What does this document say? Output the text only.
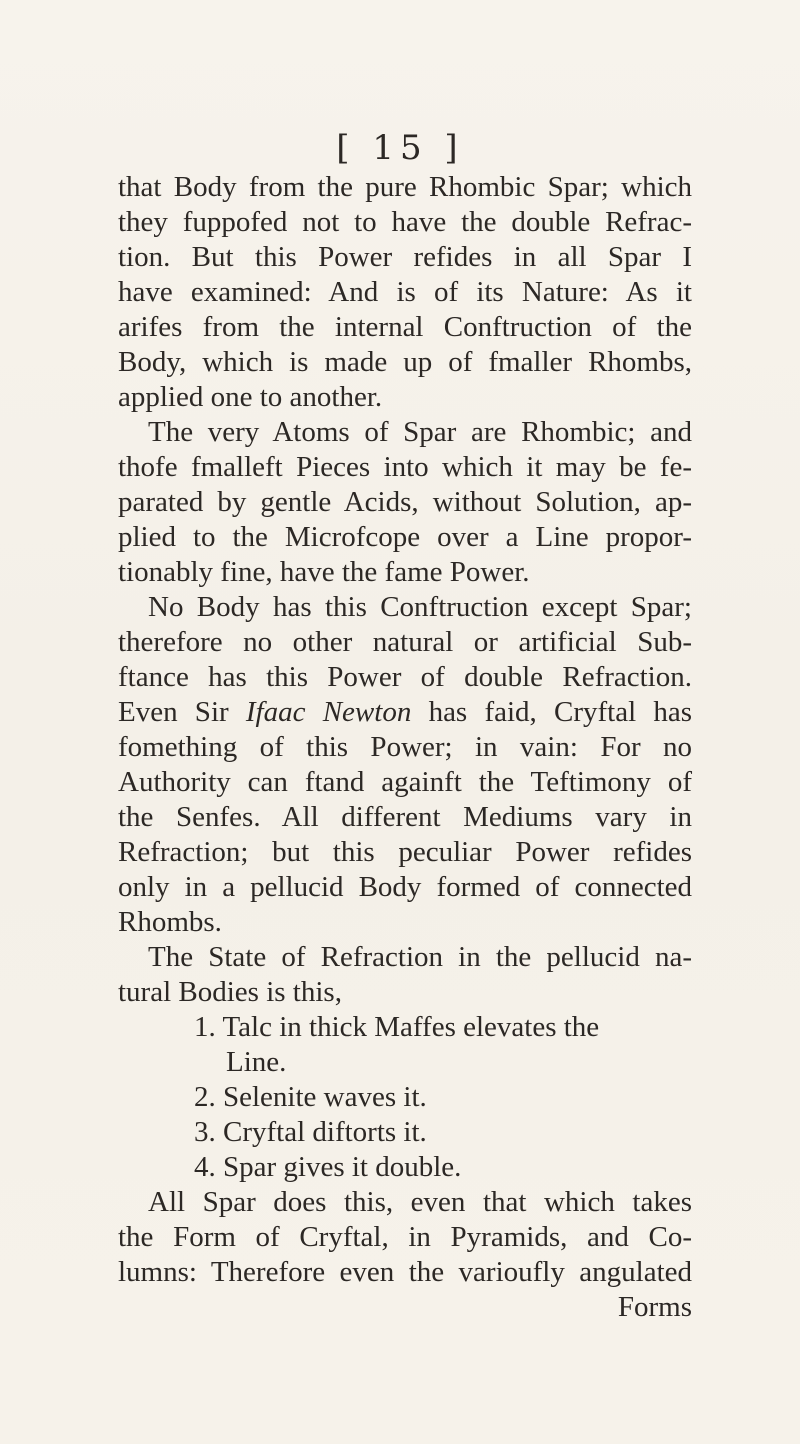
[ 15 ]
that Body from the pure Rhombic Spar; which
they fuppofed not to have the double Refrac-
tion. But this Power refides in all Spar I
have examined: And is of its Nature: As it
arifes from the internal Conftruction of the
Body, which is made up of fmaller Rhombs,
applied one to another.
The very Atoms of Spar are Rhombic; and
thofe fmalleft Pieces into which it may be fe-
parated by gentle Acids, without Solution, ap-
plied to the Microfcope over a Line propor-
tionably fine, have the fame Power.
No Body has this Conftruction except Spar;
therefore no other natural or artificial Sub-
ftance has this Power of double Refraction.
Even Sir Ifaac Newton has faid, Cryftal has
fomething of this Power; in vain: For no
Authority can ftand againft the Teftimony of
the Senfes. All different Mediums vary in
Refraction; but this peculiar Power refides
only in a pellucid Body formed of connected
Rhombs.
The State of Refraction in the pellucid na-
tural Bodies is this,
1. Talc in thick Maffes elevates the
Line.
2. Selenite waves it.
3. Cryftal diftorts it.
4. Spar gives it double.
All Spar does this, even that which takes
the Form of Cryftal, in Pyramids, and Co-
lumns: Therefore even the varioufly angulated
Forms
